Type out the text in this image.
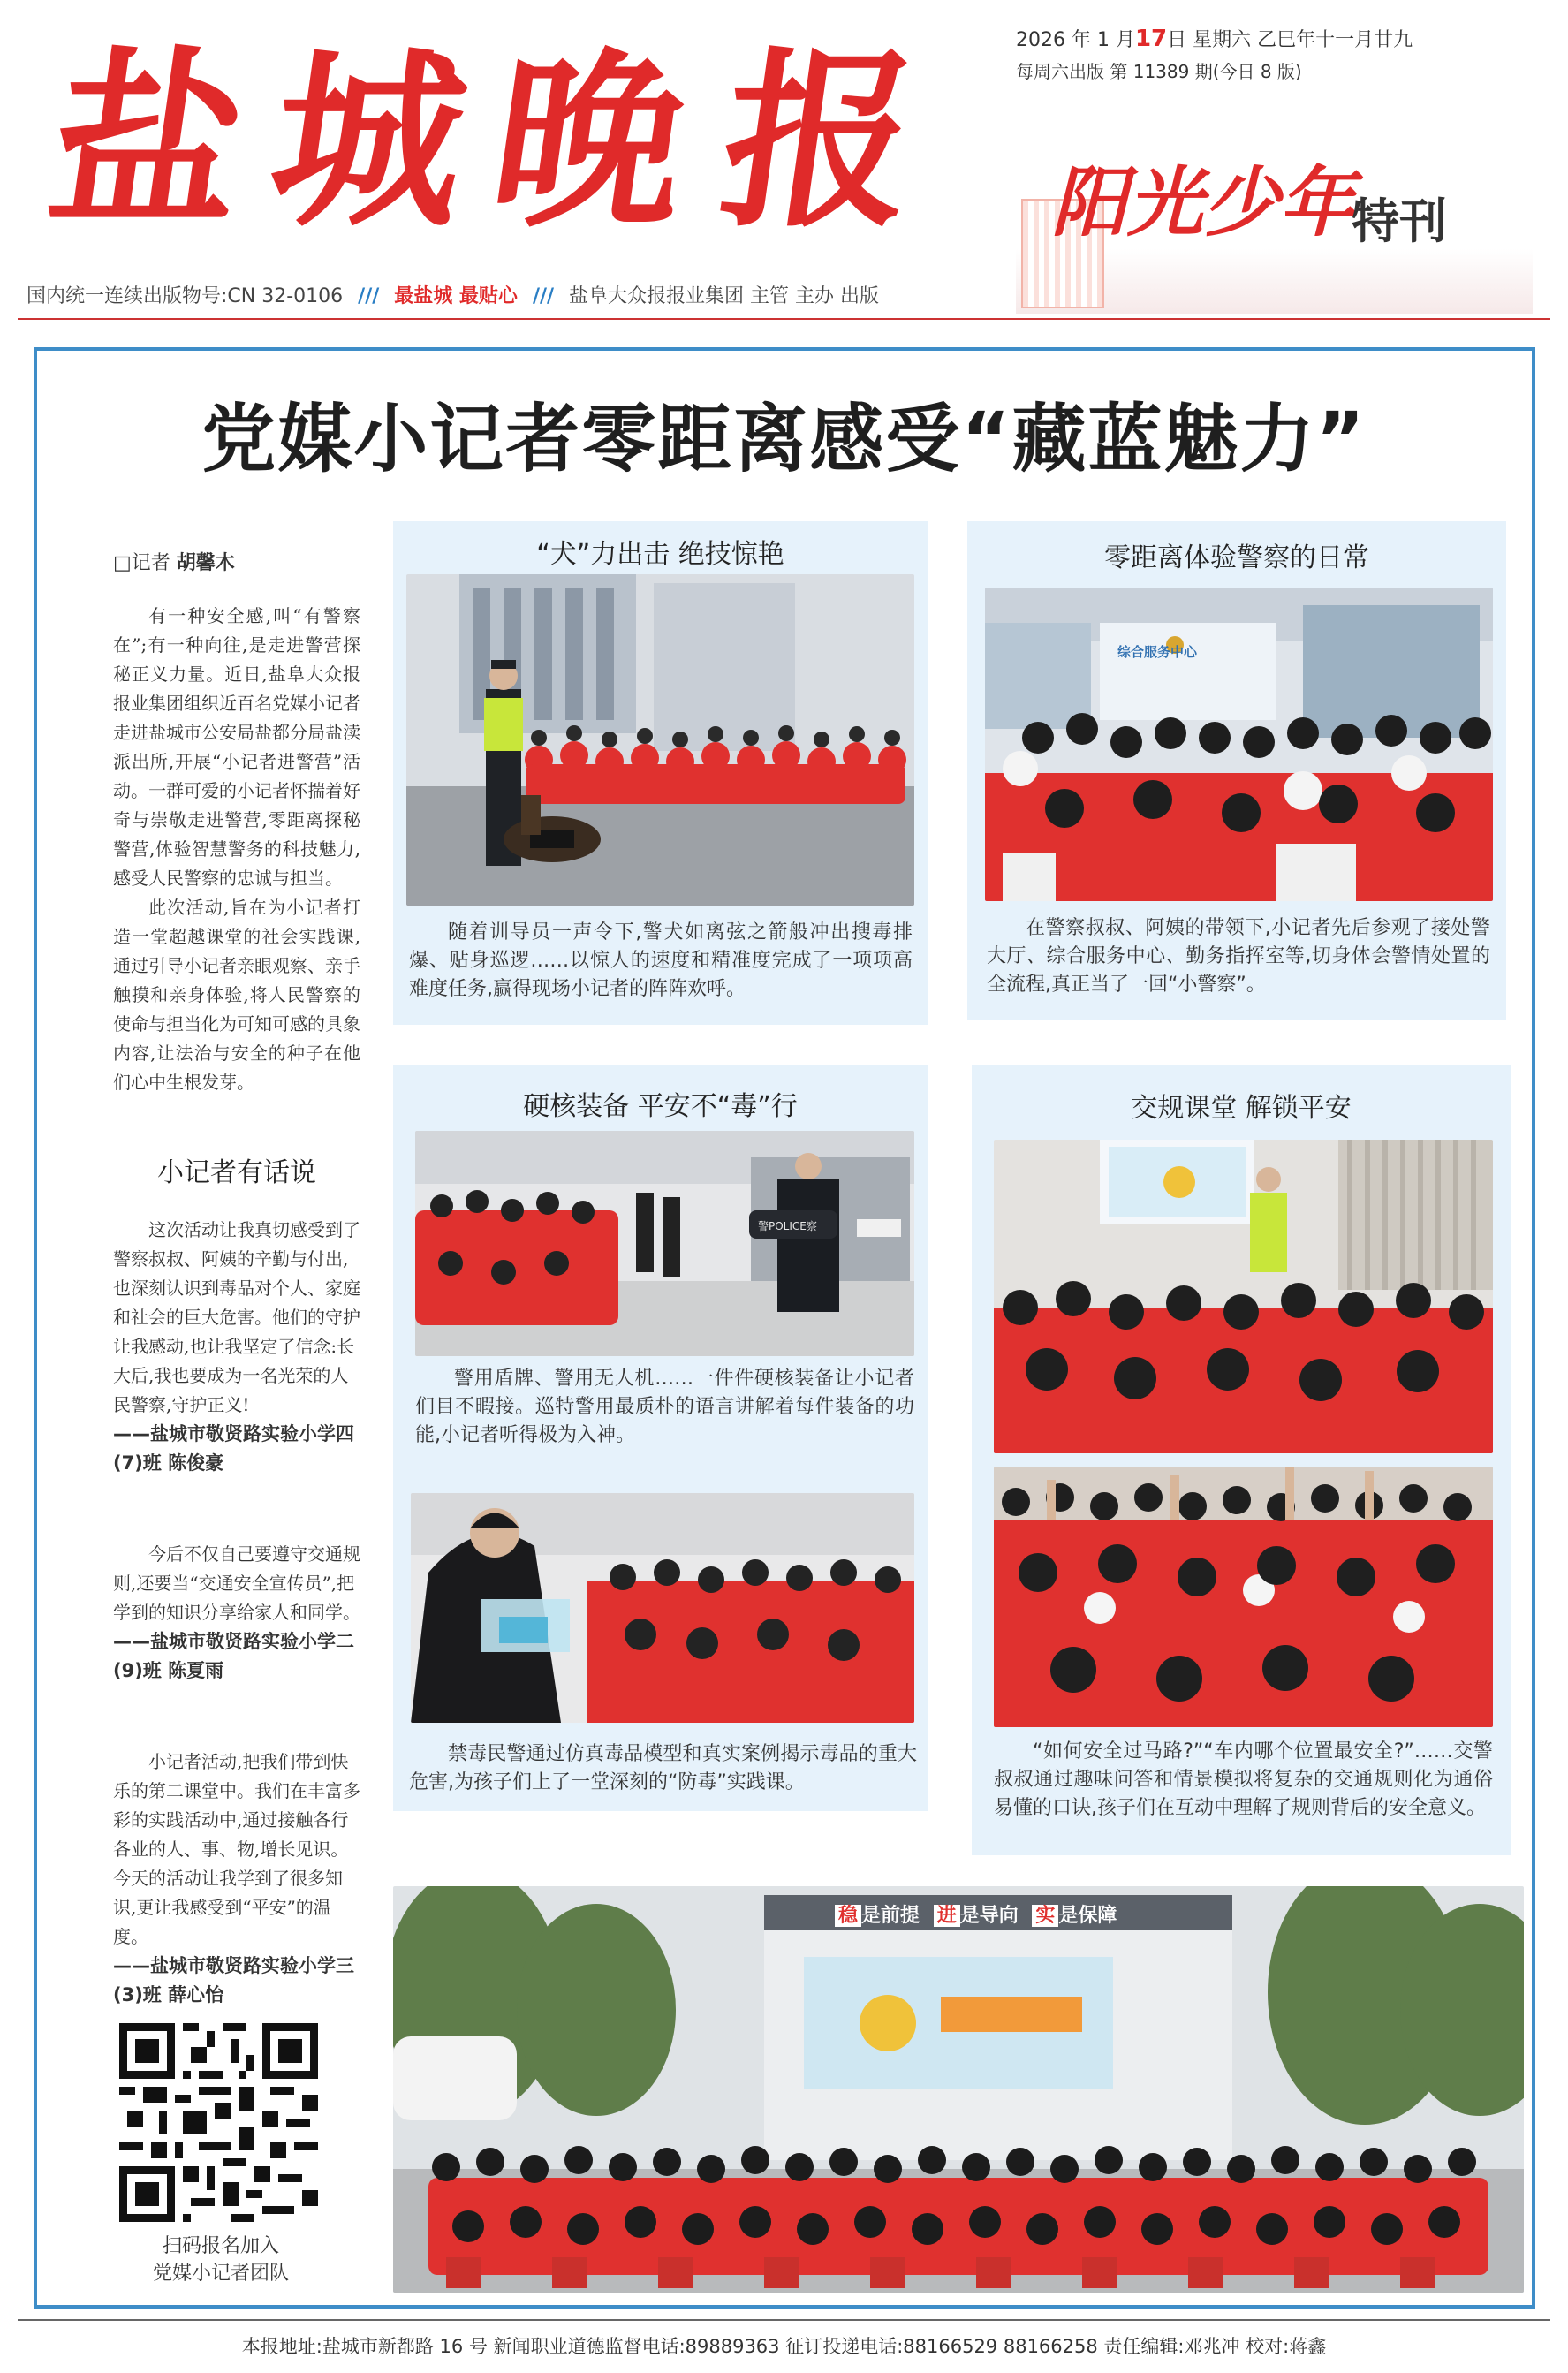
盐 城 晚 报	2026 年 1 月17日 星期六 乙巳年十一月廿九
每周六出版 第 11389 期(今日 8 版)
阳光少年
特刊
国内统一连续出版物号:CN 32-0106 /// 最盐城 最贴心 /// 盐阜大众报报业集团 主管 主办 出版
党媒小记者零距离感受“藏蓝魅力”
□记者 胡馨木

有一种安全感,叫“有警察在”;有一种向往,是走进警营探秘正义力量。近日,盐阜大众报报业集团组织近百名党媒小记者走进盐城市公安局盐都分局盐渎派出所,开展“小记者进警营”活动。一群可爱的小记者怀揣着好奇与崇敬走进警营,零距离探秘警营,体验智慧警务的科技魅力,感受人民警察的忠诚与担当。

此次活动,旨在为小记者打造一堂超越课堂的社会实践课,通过引导小记者亲眼观察、亲手触摸和亲身体验,将人民警察的使命与担当化为可知可感的具象内容,让法治与安全的种子在他们心中生根发芽。

小记者有话说

这次活动让我真切感受到了警察叔叔、阿姨的辛勤与付出,也深刻认识到毒品对个人、家庭和社会的巨大危害。他们的守护让我感动,也让我坚定了信念:长大后,我也要成为一名光荣的人民警察,守护正义!

——盐城市敬贤路实验小学四(7)班 陈俊豪

今后不仅自己要遵守交通规则,还要当“交通安全宣传员”,把学到的知识分享给家人和同学。

——盐城市敬贤路实验小学二(9)班 陈夏雨

小记者活动,把我们带到快乐的第二课堂中。我们在丰富多彩的实践活动中,通过接触各行各业的人、事、物,增长见识。今天的活动让我学到了很多知识,更让我感受到“平安”的温度。

——盐城市敬贤路实验小学三(3)班 薛心怡

扫码报名加入
党媒小记者团队
“犬”力出击 绝技惊艳
随着训导员一声令下,警犬如离弦之箭般冲出搜毒排爆、贴身巡逻……以惊人的速度和精准度完成了一项项高难度任务,赢得现场小记者的阵阵欢呼。
零距离体验警察的日常
综合服务中心
在警察叔叔、阿姨的带领下,小记者先后参观了接处警大厅、综合服务中心、勤务指挥室等,切身体会警情处置的全流程,真正当了一回“小警察”。
硬核装备 平安不“毒”行
警POLICE察
警用盾牌、警用无人机……一件件硬核装备让小记者们目不暇接。巡特警用最质朴的语言讲解着每件装备的功能,小记者听得极为入神。
禁毒民警通过仿真毒品模型和真实案例揭示毒品的重大危害,为孩子们上了一堂深刻的“防毒”实践课。
交规课堂 解锁平安
“如何安全过马路?”“车内哪个位置最安全?”……交警叔叔通过趣味问答和情景模拟将复杂的交通规则化为通俗易懂的口诀,孩子们在互动中理解了规则背后的安全意义。
稳 是前提 进 是导向 实 是保障
本报地址:盐城市新都路 16 号 新闻职业道德监督电话:89889363 征订投递电话:88166529 88166258 责任编辑:邓兆冲 校对:蒋鑫
